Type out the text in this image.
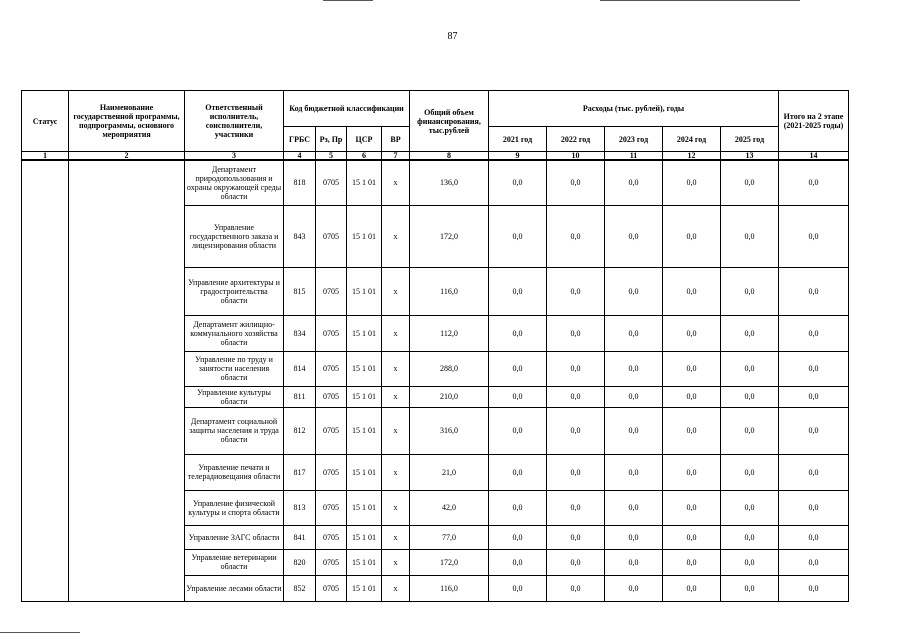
87
Статус	Наименование государственной программы, подпрограммы, основного мероприятия	Ответственный исполнитель, соисполнители, участники	Код бюджетной классификации				Общий объем финансирования, тыс.рублей	Расходы (тыс. рублей), годы					Итого на 2 этапе (2021-2025 годы)
			ГРБС	Рз, Пр	ЦСР	ВР		2021 год	2022 год	2023 год	2024 год	2025 год	
1	2	3	4	5	6	7	8	9	10	11	12	13	14
		Департамент природопользования и охраны окружающей среды области	818	0705	15 1 01	х	136,0	0,0	0,0	0,0	0,0	0,0	0,0
		Управление государственного заказа и лицензирования области	843	0705	15 1 01	х	172,0	0,0	0,0	0,0	0,0	0,0	0,0
		Управление архитектуры и градостроительства области	815	0705	15 1 01	х	116,0	0,0	0,0	0,0	0,0	0,0	0,0
		Департамент жилищно-коммунального хозяйства области	834	0705	15 1 01	х	112,0	0,0	0,0	0,0	0,0	0,0	0,0
		Управление по труду и занятости населения области	814	0705	15 1 01	х	288,0	0,0	0,0	0,0	0,0	0,0	0,0
		Управление культуры области	811	0705	15 1 01	х	210,0	0,0	0,0	0,0	0,0	0,0	0,0
		Департамент социальной защиты населения и труда области	812	0705	15 1 01	х	316,0	0,0	0,0	0,0	0,0	0,0	0,0
		Управление печати и телерадиовещания области	817	0705	15 1 01	х	21,0	0,0	0,0	0,0	0,0	0,0	0,0
		Управление физической культуры и спорта области	813	0705	15 1 01	х	42,0	0,0	0,0	0,0	0,0	0,0	0,0
		Управление ЗАГС области	841	0705	15 1 01	х	77,0	0,0	0,0	0,0	0,0	0,0	0,0
		Управление ветеринарии области	820	0705	15 1 01	х	172,0	0,0	0,0	0,0	0,0	0,0	0,0
		Управление лесами области	852	0705	15 1 01	х	116,0	0,0	0,0	0,0	0,0	0,0	0,0
